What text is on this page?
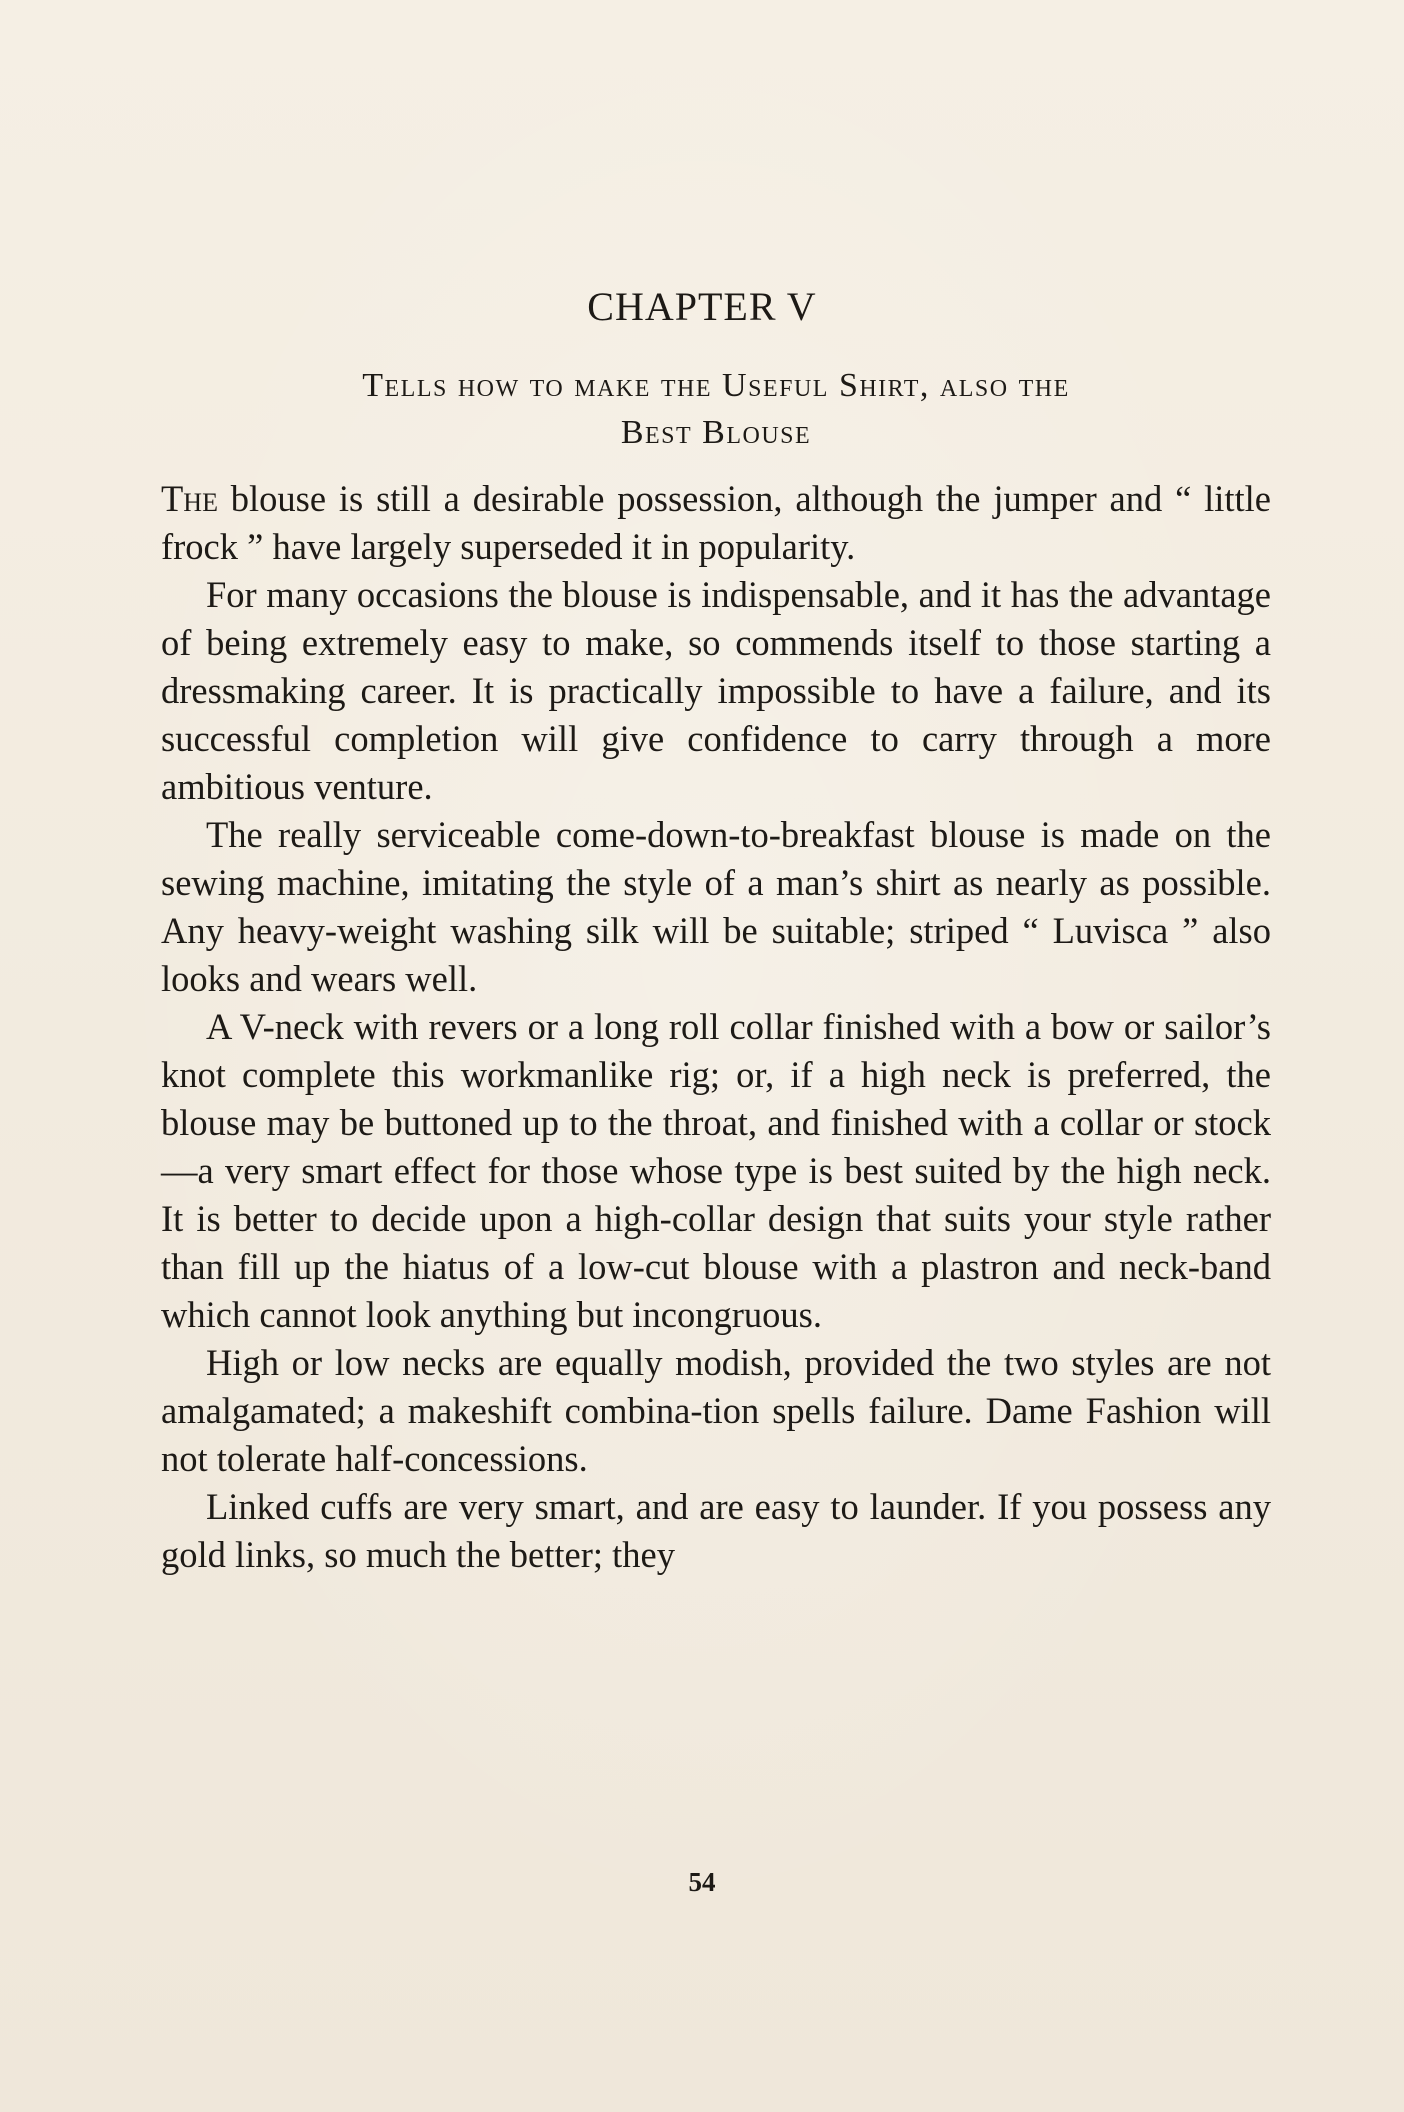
CHAPTER V
Tells how to make the Useful Shirt, also the
Best Blouse

The blouse is still a desirable possession, although the jumper and “ little frock ” have largely superseded it in popularity.

For many occasions the blouse is indispensable, and it has the advantage of being extremely easy to make, so commends itself to those starting a dressmaking career. It is practically impossible to have a failure, and its successful completion will give confidence to carry through a more ambitious venture.

The really serviceable come-down-to-breakfast blouse is made on the sewing machine, imitating the style of a man’s shirt as nearly as possible. Any heavy-weight washing silk will be suitable; striped “ Luvisca ” also looks and wears well.

A V-neck with revers or a long roll collar finished with a bow or sailor’s knot complete this workmanlike rig; or, if a high neck is preferred, the blouse may be buttoned up to the throat, and finished with a collar or stock—a very smart effect for those whose type is best suited by the high neck. It is better to decide upon a high-collar design that suits your style rather than fill up the hiatus of a low-cut blouse with a plastron and neck-band which cannot look anything but incongruous.

High or low necks are equally modish, provided the two styles are not amalgamated; a makeshift combina-tion spells failure. Dame Fashion will not tolerate half-concessions.

Linked cuffs are very smart, and are easy to launder. If you possess any gold links, so much the better; they

54
